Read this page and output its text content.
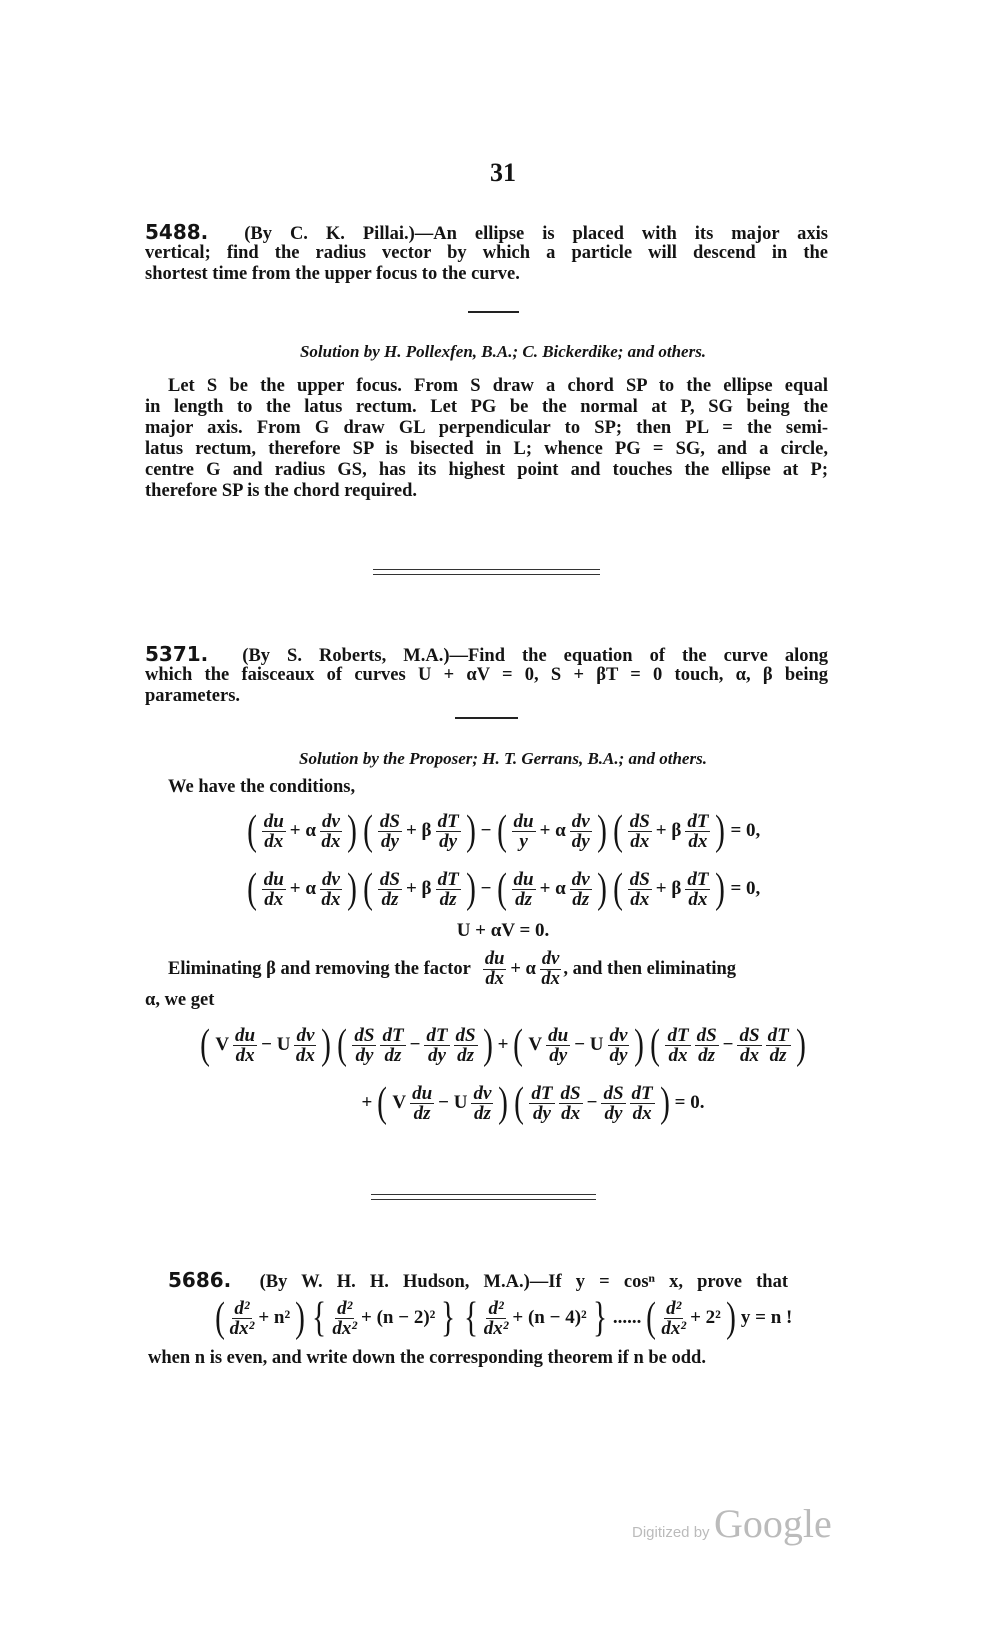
31
5488. (By C. K. Pillai.)—An ellipse is placed with its major axis
vertical; find the radius vector by which a particle will descend in the
shortest time from the upper focus to the curve.
Solution by H. Pollexfen, B.A.; C. Bickerdike; and others.
Let S be the upper focus. From S draw a chord SP to the ellipse equal
in length to the latus rectum. Let PG be the normal at P, SG being the
major axis. From G draw GL perpendicular to SP; then PL = the semi-
latus rectum, therefore SP is bisected in L; whence PG = SG, and a circle,
centre G and radius GS, has its highest point and touches the ellipse at P;
therefore SP is the chord required.
5371. (By S. Roberts, M.A.)—Find the equation of the curve along
which the faisceaux of curves U + αV = 0, S + βT = 0 touch, α, β being
parameters.
Solution by the Proposer; H. T. Gerrans, B.A.; and others.
We have the conditions,
( $\frac{du}{dx} + \alpha \frac{dv}{dx}$ ) ( $\frac{dS}{dy} + \beta \frac{dT}{dy}$ ) − ( $\frac{du}{y} + \alpha \frac{dv}{dy}$ ) ( $\frac{dS}{dx} + \beta \frac{dT}{dx}$ ) = 0,
( $\frac{du}{dx} + \alpha \frac{dv}{dx}$ ) ( $\frac{dS}{dz} + \beta \frac{dT}{dz}$ ) − ( $\frac{du}{dz} + \alpha \frac{dv}{dz}$ ) ( $\frac{dS}{dx} + \beta \frac{dT}{dx}$ ) = 0,
U + αV = 0.
Eliminating β and removing the factor $\frac{du}{dx} + \alpha \frac{dv}{dx}$ , and then eliminating
α, we get
( V $\frac{du}{dx} - U \frac{dv}{dx}$ ) ( $\frac{dS}{dy} \frac{dT}{dz} - \frac{dT}{dy} \frac{dS}{dz}$ ) + ( V $\frac{du}{dy} - U \frac{dv}{dy}$ ) ( $\frac{dT}{dx} \frac{dS}{dz} - \frac{dS}{dx} \frac{dT}{dz}$ )
+ ( V $\frac{du}{dz} - U \frac{dv}{dz}$ ) ( $\frac{dT}{dy} \frac{dS}{dx} - \frac{dS}{dy} \frac{dT}{dx}$ ) = 0.
5686. (By W. H. H. Hudson, M.A.)—If y = cosⁿ x, prove that
( $\frac{\text{d²}}{\text{dx²}} + n^2$ ) { $\frac{\text{d²}}{\text{dx²}} + (n - 2)^2$ } { $\frac{\text{d²}}{\text{dx²}} + (n - 4)^2$ } ...... ( $\frac{\text{d²}}{\text{dx²}} + 2^2$ ) y = n !
when n is even, and write down the corresponding theorem if n be odd.
Digitized by Google
